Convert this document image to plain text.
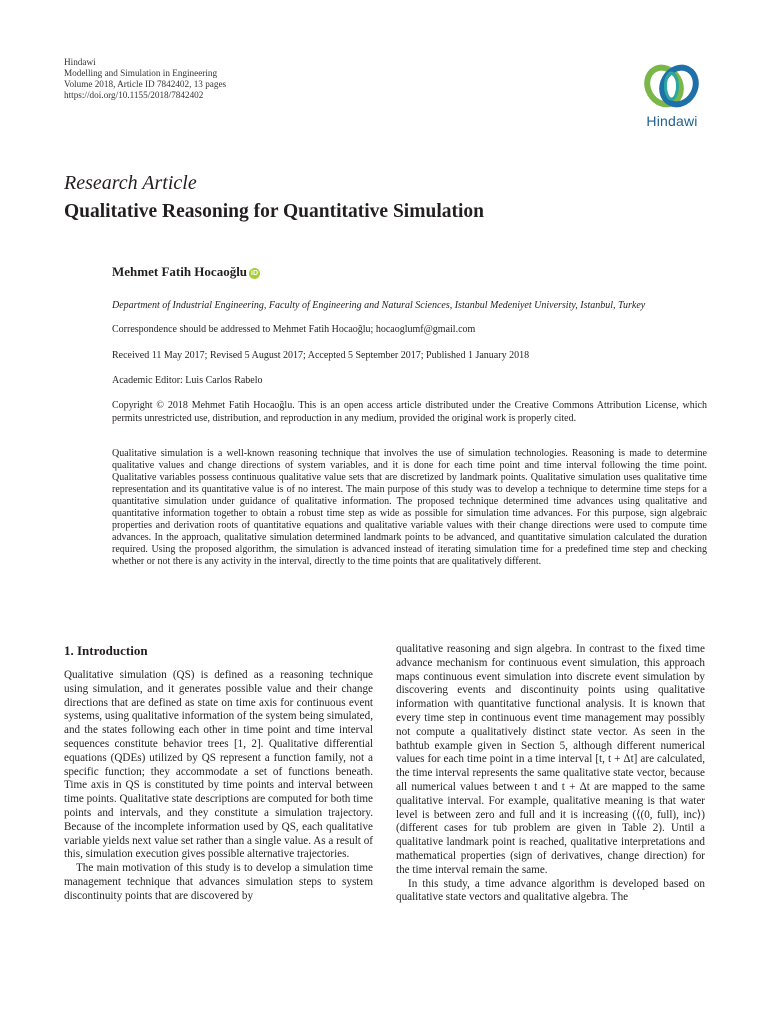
Hindawi
Modelling and Simulation in Engineering
Volume 2018, Article ID 7842402, 13 pages
https://doi.org/10.1155/2018/7842402
Hindawi
Research Article
Qualitative Reasoning for Quantitative Simulation
Mehmet Fatih Hocaoğlu iD

Department of Industrial Engineering, Faculty of Engineering and Natural Sciences, Istanbul Medeniyet University, Istanbul, Turkey

Correspondence should be addressed to Mehmet Fatih Hocaoğlu; hocaoglumf@gmail.com

Received 11 May 2017; Revised 5 August 2017; Accepted 5 September 2017; Published 1 January 2018

Academic Editor: Luis Carlos Rabelo

Copyright © 2018 Mehmet Fatih Hocaoğlu. This is an open access article distributed under the Creative Commons Attribution License, which permits unrestricted use, distribution, and reproduction in any medium, provided the original work is properly cited.

Qualitative simulation is a well-known reasoning technique that involves the use of simulation technologies. Reasoning is made to determine qualitative values and change directions of system variables, and it is done for each time point and time interval following the time point. Qualitative variables possess continuous qualitative value sets that are discretized by landmark points. Qualitative simulation uses qualitative time representation and its quantitative value is of no interest. The main purpose of this study was to develop a technique to determine time steps for a quantitative simulation under guidance of qualitative information. The proposed technique determined time advances using qualitative and quantitative information together to obtain a robust time step as wide as possible for simulation time advances. For this purpose, sign algebraic properties and derivation roots of quantitative equations and qualitative variable values with their change directions were used to compute time advances. In the approach, qualitative simulation determined landmark points to be advanced, and quantitative simulation calculated the duration required. Using the proposed algorithm, the simulation is advanced instead of iterating simulation time for a predefined time step and checking whether or not there is any activity in the interval, directly to the time points that are qualitatively different.

1. Introduction

Qualitative simulation (QS) is defined as a reasoning technique using simulation, and it generates possible value and their change directions that are defined as state on time axis for continuous event systems, using qualitative information of the system being simulated, and the states following each other in time point and time interval sequences constitute behavior trees [1, 2]. Qualitative differential equations (QDEs) utilized by QS represent a function family, not a specific function; they accommodate a set of functions beneath. Time axis in QS is constituted by time points and interval between time points. Qualitative state descriptions are computed for both time points and intervals, and they constitute a simulation trajectory. Because of the incomplete information used by QS, each qualitative variable yields next value set rather than a single value. As a result of this, simulation execution gives possible alternative trajectories.

The main motivation of this study is to develop a simulation time management technique that advances simulation steps to system discontinuity points that are discovered by

qualitative reasoning and sign algebra. In contrast to the fixed time advance mechanism for continuous event simulation, this approach maps continuous event simulation into discrete event simulation by discovering events and discontinuity points using qualitative information with quantitative functional analysis. It is known that every time step in continuous event time management may possibly not compute a qualitatively distinct state vector. As seen in the bathtub example given in Section 5, although different numerical values for each time point in a time interval [t, t + Δt] are calculated, the time interval represents the same qualitative state vector, because all numerical values between t and t + Δt are mapped to the same qualitative interval. For example, qualitative meaning is that water level is between zero and full and it is increasing (⟨(0, full), inc⟩) (different cases for tub problem are given in Table 2). Until a qualitative landmark point is reached, qualitative interpretations and mathematical properties (sign of derivatives, change direction) for the time interval remain the same.

In this study, a time advance algorithm is developed based on qualitative state vectors and qualitative algebra. The
